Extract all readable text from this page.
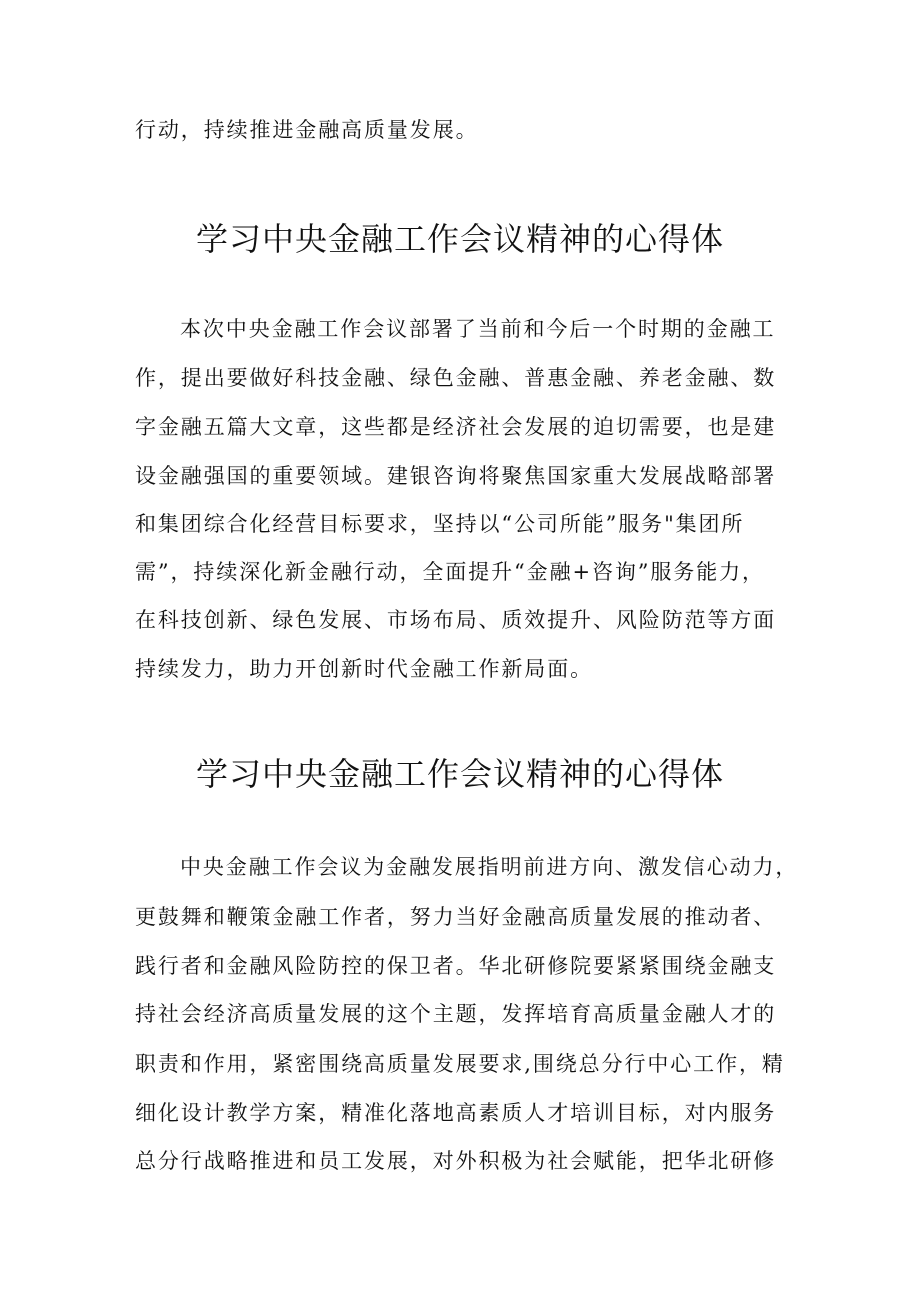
行动，持续推进金融高质量发展。
学习中央金融工作会议精神的心得体
本次中央金融工作会议部署了当前和今后一个时期的金融工
作，提出要做好科技金融、绿色金融、普惠金融、养老金融、数
字金融五篇大文章，这些都是经济社会发展的迫切需要，也是建
设金融强国的重要领域。建银咨询将聚焦国家重大发展战略部署
和集团综合化经营目标要求，坚持以“公司所能”服务"集团所
需”，持续深化新金融行动，全面提升“金融+咨询”服务能力，
在科技创新、绿色发展、市场布局、质效提升、风险防范等方面
持续发力，助力开创新时代金融工作新局面。
学习中央金融工作会议精神的心得体
中央金融工作会议为金融发展指明前进方向、激发信心动力，
更鼓舞和鞭策金融工作者，努力当好金融高质量发展的推动者、
践行者和金融风险防控的保卫者。华北研修院要紧紧围绕金融支
持社会经济高质量发展的这个主题，发挥培育高质量金融人才的
职责和作用，紧密围绕高质量发展要求,围绕总分行中心工作，精
细化设计教学方案，精准化落地高素质人才培训目标，对内服务
总分行战略推进和员工发展，对外积极为社会赋能，把华北研修
